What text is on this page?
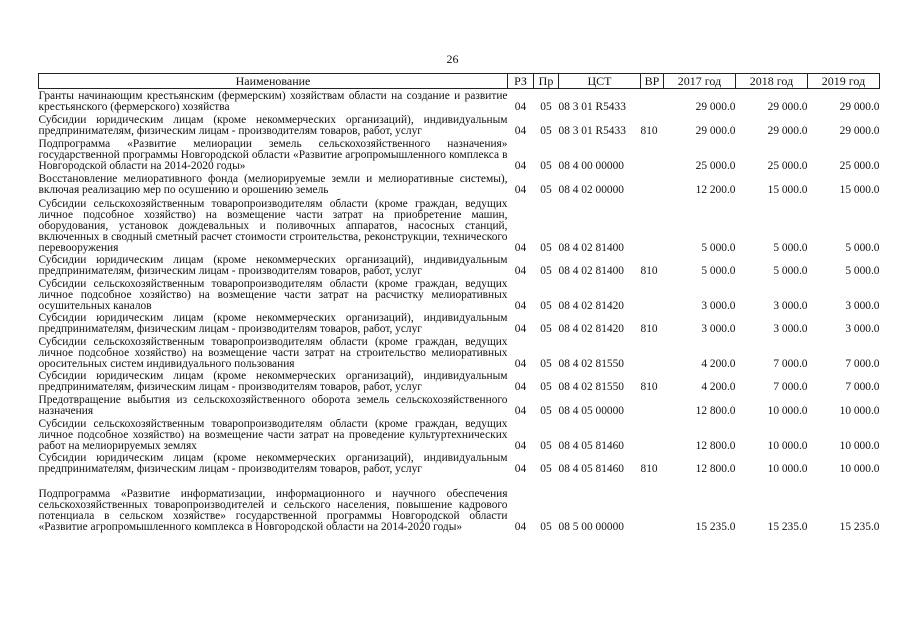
26
Наименование	РЗ	Пр	ЦСТ	ВР	2017 год	2018 год	2019 год
Гранты начинающим крестьянским (фермерским) хозяйствам области на создание и развитие крестьянского (фермерского) хозяйства	04	05	08 3 01 R5433		29 000.0	29 000.0	29 000.0
Субсидии юридическим лицам (кроме некоммерческих организаций), индивидуальным предпринимателям, физическим лицам - производителям товаров, работ, услуг	04	05	08 3 01 R5433	810	29 000.0	29 000.0	29 000.0
Подпрограмма «Развитие мелиорации земель сельскохозяйственного назначения» государственной программы Новгородской области «Развитие агропромышленного комплекса в Новгородской области на 2014-2020 годы»	04	05	08 4 00 00000		25 000.0	25 000.0	25 000.0
Восстановление мелиоративного фонда (мелиорируемые земли и мелиоративные системы), включая реализацию мер по осушению и орошению земель	04	05	08 4 02 00000		12 200.0	15 000.0	15 000.0
Субсидии сельскохозяйственным товаропроизводителям области (кроме граждан, ведущих личное подсобное хозяйство) на возмещение части затрат на приобретение машин, оборудования, установок дождевальных и поливочных аппаратов, насосных станций, включенных в сводный сметный расчет стоимости строительства, реконструкции, технического перевооружения	04	05	08 4 02 81400		5 000.0	5 000.0	5 000.0
Субсидии юридическим лицам (кроме некоммерческих организаций), индивидуальным предпринимателям, физическим лицам - производителям товаров, работ, услуг	04	05	08 4 02 81400	810	5 000.0	5 000.0	5 000.0
Субсидии сельскохозяйственным товаропроизводителям области (кроме граждан, ведущих личное подсобное хозяйство) на возмещение части затрат на расчистку мелиоративных осушительных каналов	04	05	08 4 02 81420		3 000.0	3 000.0	3 000.0
Субсидии юридическим лицам (кроме некоммерческих организаций), индивидуальным предпринимателям, физическим лицам - производителям товаров, работ, услуг	04	05	08 4 02 81420	810	3 000.0	3 000.0	3 000.0
Субсидии сельскохозяйственным товаропроизводителям области (кроме граждан, ведущих личное подсобное хозяйство) на возмещение части затрат на строительство мелиоративных оросительных систем индивидуального пользования	04	05	08 4 02 81550		4 200.0	7 000.0	7 000.0
Субсидии юридическим лицам (кроме некоммерческих организаций), индивидуальным предпринимателям, физическим лицам - производителям товаров, работ, услуг	04	05	08 4 02 81550	810	4 200.0	7 000.0	7 000.0
Предотвращение выбытия из сельскохозяйственного оборота земель сельскохозяйственного назначения	04	05	08 4 05 00000		12 800.0	10 000.0	10 000.0
Субсидии сельскохозяйственным товаропроизводителям области (кроме граждан, ведущих личное подсобное хозяйство) на возмещение части затрат на проведение культуртехнических работ на мелиорируемых землях	04	05	08 4 05 81460		12 800.0	10 000.0	10 000.0
Субсидии юридическим лицам (кроме некоммерческих организаций), индивидуальным предпринимателям, физическим лицам - производителям товаров, работ, услуг	04	05	08 4 05 81460	810	12 800.0	10 000.0	10 000.0
Подпрограмма «Развитие информатизации, информационного и научного обеспечения сельскохозяйственных товаропроизводителей и сельского населения, повышение кадрового потенциала в сельском хозяйстве» государственной программы Новгородской области «Развитие агропромышленного комплекса в Новгородской области на 2014-2020 годы»	04	05	08 5 00 00000		15 235.0	15 235.0	15 235.0
